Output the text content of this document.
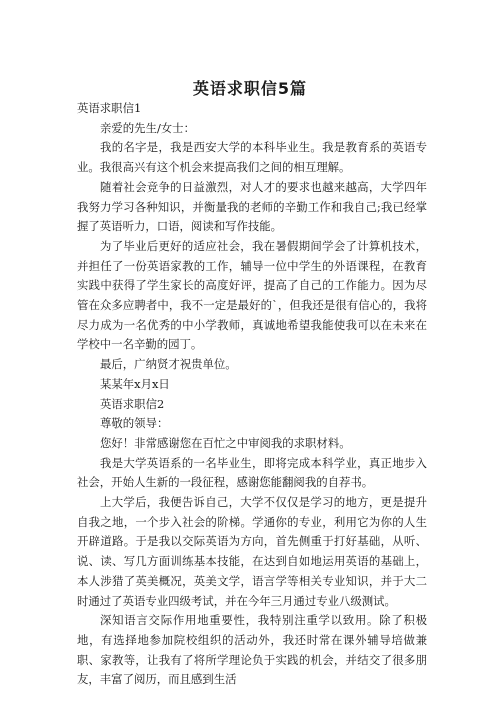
英语求职信5篇

英语求职信1

亲爱的先生/女士：

我的名字是，我是西安大学的本科毕业生。我是教育系的英语专业。我很高兴有这个机会来提高我们之间的相互理解。

随着社会竞争的日益激烈，对人才的要求也越来越高，大学四年我努力学习各种知识，并衡量我的老师的辛勤工作和我自己;我已经掌握了英语听力，口语，阅读和写作技能。

为了毕业后更好的适应社会，我在暑假期间学会了计算机技术，并担任了一份英语家教的工作，辅导一位中学生的外语课程，在教育实践中获得了学生家长的高度好评，提高了自己的工作能力。因为尽管在众多应聘者中，我不一定是最好的`，但我还是很有信心的，我将尽力成为一名优秀的中小学教师，真诚地希望我能使我可以在未来在学校中一名辛勤的园丁。

最后，广纳贤才祝贵单位。

某某年x月x日

英语求职信2

尊敬的领导：

您好！非常感谢您在百忙之中审阅我的求职材料。

我是大学英语系的一名毕业生，即将完成本科学业，真正地步入社会，开始人生新的一段征程，感谢您能翻阅我的自荐书。

上大学后，我便告诉自己，大学不仅仅是学习的地方，更是提升自我之地，一个步入社会的阶梯。学通你的专业，利用它为你的人生开辟道路。于是我以交际英语为方向，首先侧重于打好基础，从听、说、读、写几方面训练基本技能，在达到自如地运用英语的基础上，本人涉猎了英美概况，英美文学，语言学等相关专业知识，并于大二时通过了英语专业四级考试，并在今年三月通过专业八级测试。

深知语言交际作用地重要性，我特别注重学以致用。除了积极地，有选择地参加院校组织的活动外，我还时常在课外辅导培做兼职、家教等，让我有了将所学理论负于实践的机会，并结交了很多朋友，丰富了阅历，而且感到生活
